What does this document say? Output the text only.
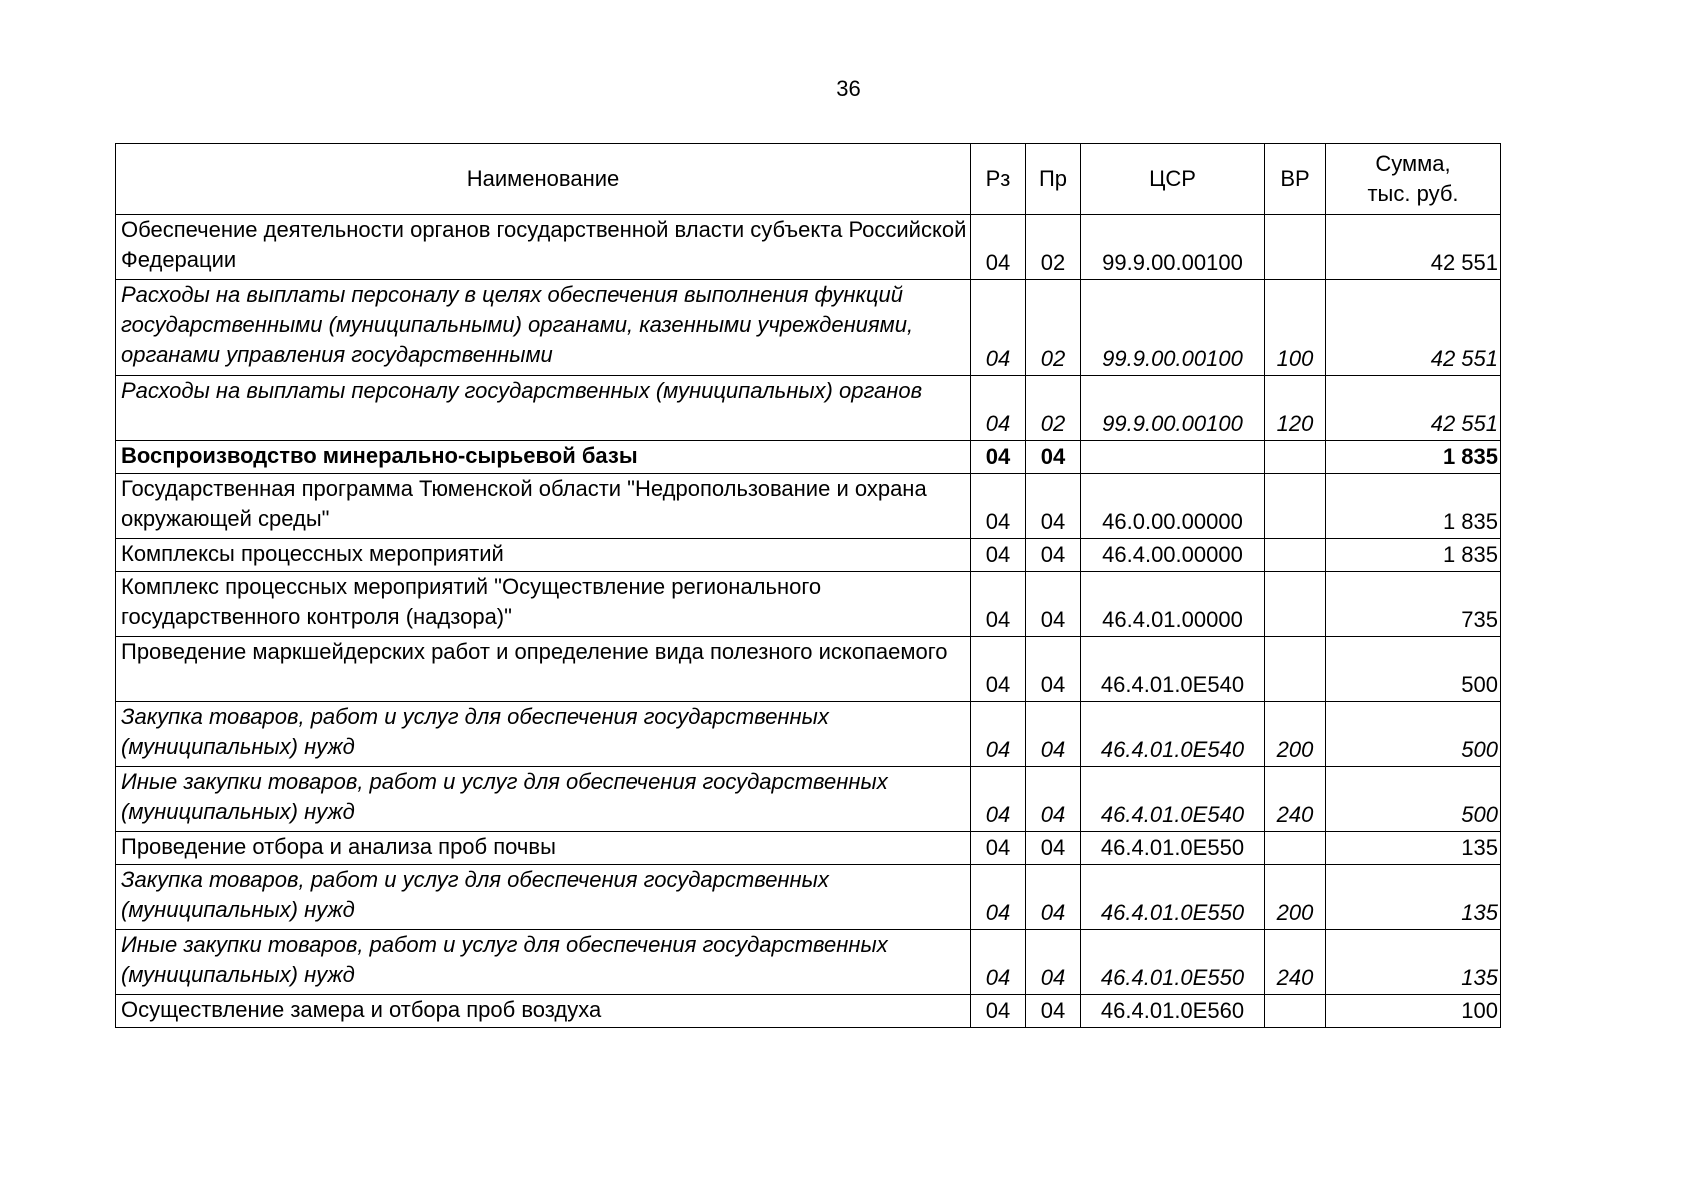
36
Наименование	Рз	Пр	ЦСР	ВР	Сумма,
тыс. руб.

Обеспечение деятельности органов государственной власти субъекта Российской Федерации	04	02	99.9.00.00100		42 551
Расходы на выплаты персоналу в целях обеспечения выполнения функций государственными (муниципальными) органами, казенными учреждениями, органами управления государственными	04	02	99.9.00.00100	100	42 551
Расходы на выплаты персоналу государственных (муниципальных) органов	04	02	99.9.00.00100	120	42 551
Воспроизводство минерально-сырьевой базы	04	04			1 835
Государственная программа Тюменской области "Недропользование и охрана окружающей среды"	04	04	46.0.00.00000		1 835
Комплексы процессных мероприятий	04	04	46.4.00.00000		1 835
Комплекс процессных мероприятий "Осуществление регионального государственного контроля (надзора)"	04	04	46.4.01.00000		735
Проведение маркшейдерских работ и определение вида полезного ископаемого	04	04	46.4.01.0Е540		500
Закупка товаров, работ и услуг для обеспечения государственных (муниципальных) нужд	04	04	46.4.01.0Е540	200	500
Иные закупки товаров, работ и услуг для обеспечения государственных (муниципальных) нужд	04	04	46.4.01.0Е540	240	500
Проведение отбора и анализа проб почвы	04	04	46.4.01.0Е550		135
Закупка товаров, работ и услуг для обеспечения государственных (муниципальных) нужд	04	04	46.4.01.0Е550	200	135
Иные закупки товаров, работ и услуг для обеспечения государственных (муниципальных) нужд	04	04	46.4.01.0Е550	240	135
Осуществление замера и отбора проб воздуха	04	04	46.4.01.0Е560		100
